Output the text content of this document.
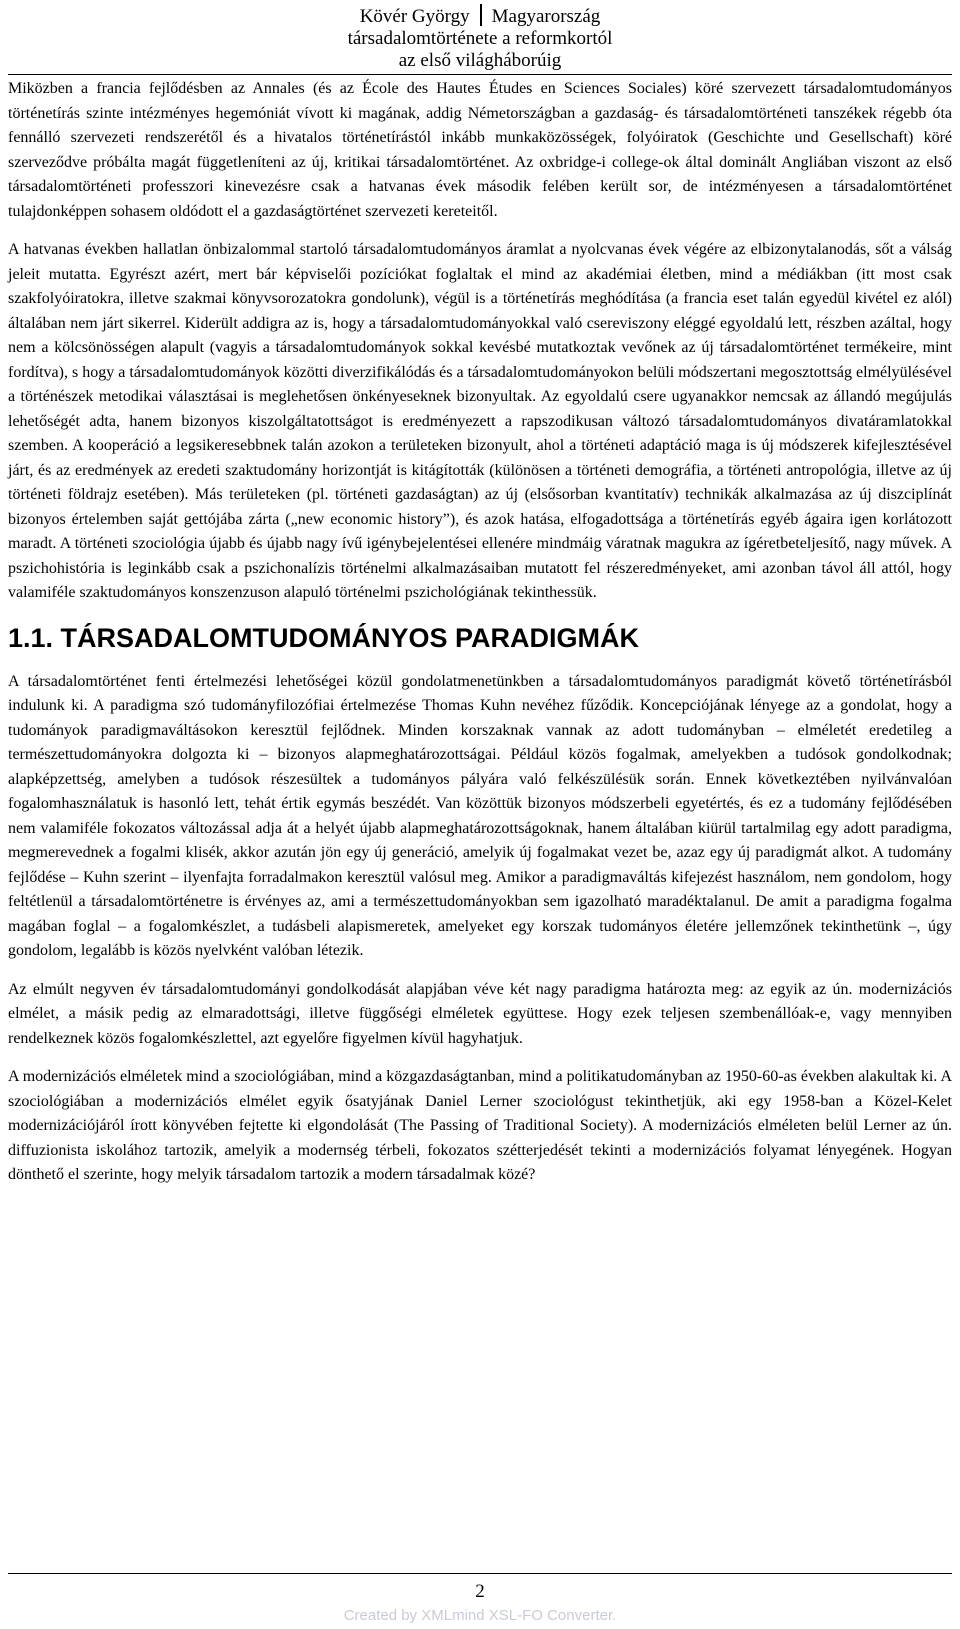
Kövér György Magyarország
társadalomtörténete a reformkortól
az első világháborúig

Miközben a francia fejlődésben az Annales (és az École des Hautes Études en Sciences Sociales) köré szervezett társadalomtudományos történetírás szinte intézményes hegemóniát vívott ki magának, addig Németországban a gazdaság- és társadalomtörténeti tanszékek régebb óta fennálló szervezeti rendszerétől és a hivatalos történetírástól inkább munkaközösségek, folyóiratok (Geschichte und Gesellschaft) köré szerveződve próbálta magát függetleníteni az új, kritikai társadalomtörténet. Az oxbridge-i college-ok által dominált Angliában viszont az első társadalomtörténeti professzori kinevezésre csak a hatvanas évek második felében került sor, de intézményesen a társadalomtörténet tulajdonképpen sohasem oldódott el a gazdaságtörténet szervezeti kereteitől.

A hatvanas években hallatlan önbizalommal startoló társadalomtudományos áramlat a nyolcvanas évek végére az elbizonytalanodás, sőt a válság jeleit mutatta. Egyrészt azért, mert bár képviselői pozíciókat foglaltak el mind az akadémiai életben, mind a médiákban (itt most csak szakfolyóiratokra, illetve szakmai könyvsorozatokra gondolunk), végül is a történetírás meghódítása (a francia eset talán egyedül kivétel ez alól) általában nem járt sikerrel. Kiderült addigra az is, hogy a társadalomtudományokkal való csereviszony eléggé egyoldalú lett, részben azáltal, hogy nem a kölcsönösségen alapult (vagyis a társadalomtudományok sokkal kevésbé mutatkoztak vevőnek az új társadalomtörténet termékeire, mint fordítva), s hogy a társadalomtudományok közötti diverzifikálódás és a társadalomtudományokon belüli módszertani megosztottság elmélyülésével a történészek metodikai választásai is meglehetősen önkényeseknek bizonyultak. Az egyoldalú csere ugyanakkor nemcsak az állandó megújulás lehetőségét adta, hanem bizonyos kiszolgáltatottságot is eredményezett a rapszodikusan változó társadalomtudományos divatáramlatokkal szemben. A kooperáció a legsikeresebbnek talán azokon a területeken bizonyult, ahol a történeti adaptáció maga is új módszerek kifejlesztésével járt, és az eredmények az eredeti szaktudomány horizontját is kitágították (különösen a történeti demográfia, a történeti antropológia, illetve az új történeti földrajz esetében). Más területeken (pl. történeti gazdaságtan) az új (elsősorban kvantitatív) technikák alkalmazása az új diszciplínát bizonyos értelemben saját gettójába zárta („new economic history”), és azok hatása, elfogadottsága a történetírás egyéb ágaira igen korlátozott maradt. A történeti szociológia újabb és újabb nagy ívű igénybejelentései ellenére mindmáig váratnak magukra az ígéretbeteljesítő, nagy művek. A pszichohistória is leginkább csak a pszichonalízis történelmi alkalmazásaiban mutatott fel részeredményeket, ami azonban távol áll attól, hogy valamiféle szaktudományos konszenzuson alapuló történelmi pszichológiának tekinthessük.

1.1. TÁRSADALOMTUDOMÁNYOS PARADIGMÁK

A társadalomtörténet fenti értelmezési lehetőségei közül gondolatmenetünkben a társadalomtudományos paradigmát követő történetírásból indulunk ki. A paradigma szó tudományfilozófiai értelmezése Thomas Kuhn nevéhez fűződik. Koncepciójának lényege az a gondolat, hogy a tudományok paradigmaváltásokon keresztül fejlődnek. Minden korszaknak vannak az adott tudományban – elméletét eredetileg a természettudományokra dolgozta ki – bizonyos alapmeghatározottságai. Például közös fogalmak, amelyekben a tudósok gondolkodnak; alapképzettség, amelyben a tudósok részesültek a tudományos pályára való felkészülésük során. Ennek következtében nyilvánvalóan fogalomhasználatuk is hasonló lett, tehát értik egymás beszédét. Van közöttük bizonyos módszerbeli egyetértés, és ez a tudomány fejlődésében nem valamiféle fokozatos változással adja át a helyét újabb alapmeghatározottságoknak, hanem általában kiürül tartalmilag egy adott paradigma, megmerevednek a fogalmi klisék, akkor azután jön egy új generáció, amelyik új fogalmakat vezet be, azaz egy új paradigmát alkot. A tudomány fejlődése – Kuhn szerint – ilyenfajta forradalmakon keresztül valósul meg. Amikor a paradigmaváltás kifejezést használom, nem gondolom, hogy feltétlenül a társadalomtörténetre is érvényes az, ami a természettudományokban sem igazolható maradéktalanul. De amit a paradigma fogalma magában foglal – a fogalomkészlet, a tudásbeli alapismeretek, amelyeket egy korszak tudományos életére jellemzőnek tekinthetünk –, úgy gondolom, legalább is közös nyelvként valóban létezik.

Az elmúlt negyven év társadalomtudományi gondolkodását alapjában véve két nagy paradigma határozta meg: az egyik az ún. modernizációs elmélet, a másik pedig az elmaradottsági, illetve függőségi elméletek együttese. Hogy ezek teljesen szembenállóak-e, vagy mennyiben rendelkeznek közös fogalomkészlettel, azt egyelőre figyelmen kívül hagyhatjuk.

A modernizációs elméletek mind a szociológiában, mind a közgazdaságtanban, mind a politikatudományban az 1950-60-as években alakultak ki. A szociológiában a modernizációs elmélet egyik ősatyjának Daniel Lerner szociológust tekinthetjük, aki egy 1958-ban a Közel-Kelet modernizációjáról írott könyvében fejtette ki elgondolását (The Passing of Traditional Society). A modernizációs elméleten belül Lerner az ún. diffuzionista iskolához tartozik, amelyik a modernség térbeli, fokozatos szétterjedését tekinti a modernizációs folyamat lényegének. Hogyan dönthető el szerinte, hogy melyik társadalom tartozik a modern társadalmak közé?

2
Created by XMLmind XSL-FO Converter.
